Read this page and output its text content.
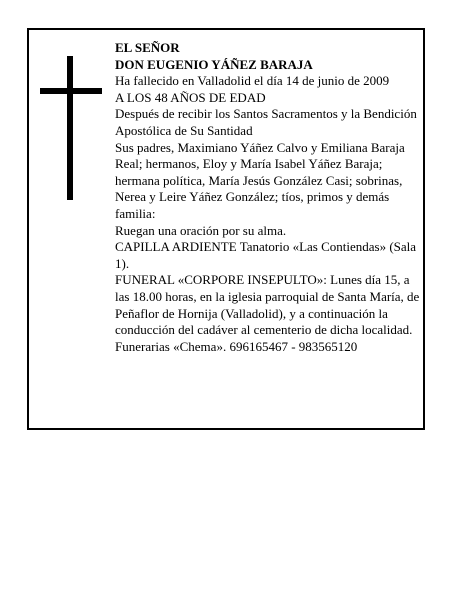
EL SEÑOR

DON EUGENIO YÁÑEZ BARAJA

Ha fallecido en Valladolid el día 14 de junio de 2009

A LOS 48 AÑOS DE EDAD

Después de recibir los Santos Sacramentos y la Bendición Apostólica de Su Santidad

Sus padres, Maximiano Yáñez Calvo y Emiliana Baraja Real; hermanos, Eloy y María Isabel Yáñez Baraja; hermana política, María Jesús González Casi; sobrinas, Nerea y Leire Yáñez González; tíos, primos y demás familia:

Ruegan una oración por su alma.

CAPILLA ARDIENTE Tanatorio «Las Contiendas» (Sala 1).

FUNERAL «CORPORE INSEPULTO»: Lunes día 15, a las 18.00 horas, en la iglesia parroquial de Santa María, de Peñaflor de Hornija (Valladolid), y a continuación la conducción del cadáver al cementerio de dicha localidad.

Funerarias «Chema». 696165467 - 983565120
